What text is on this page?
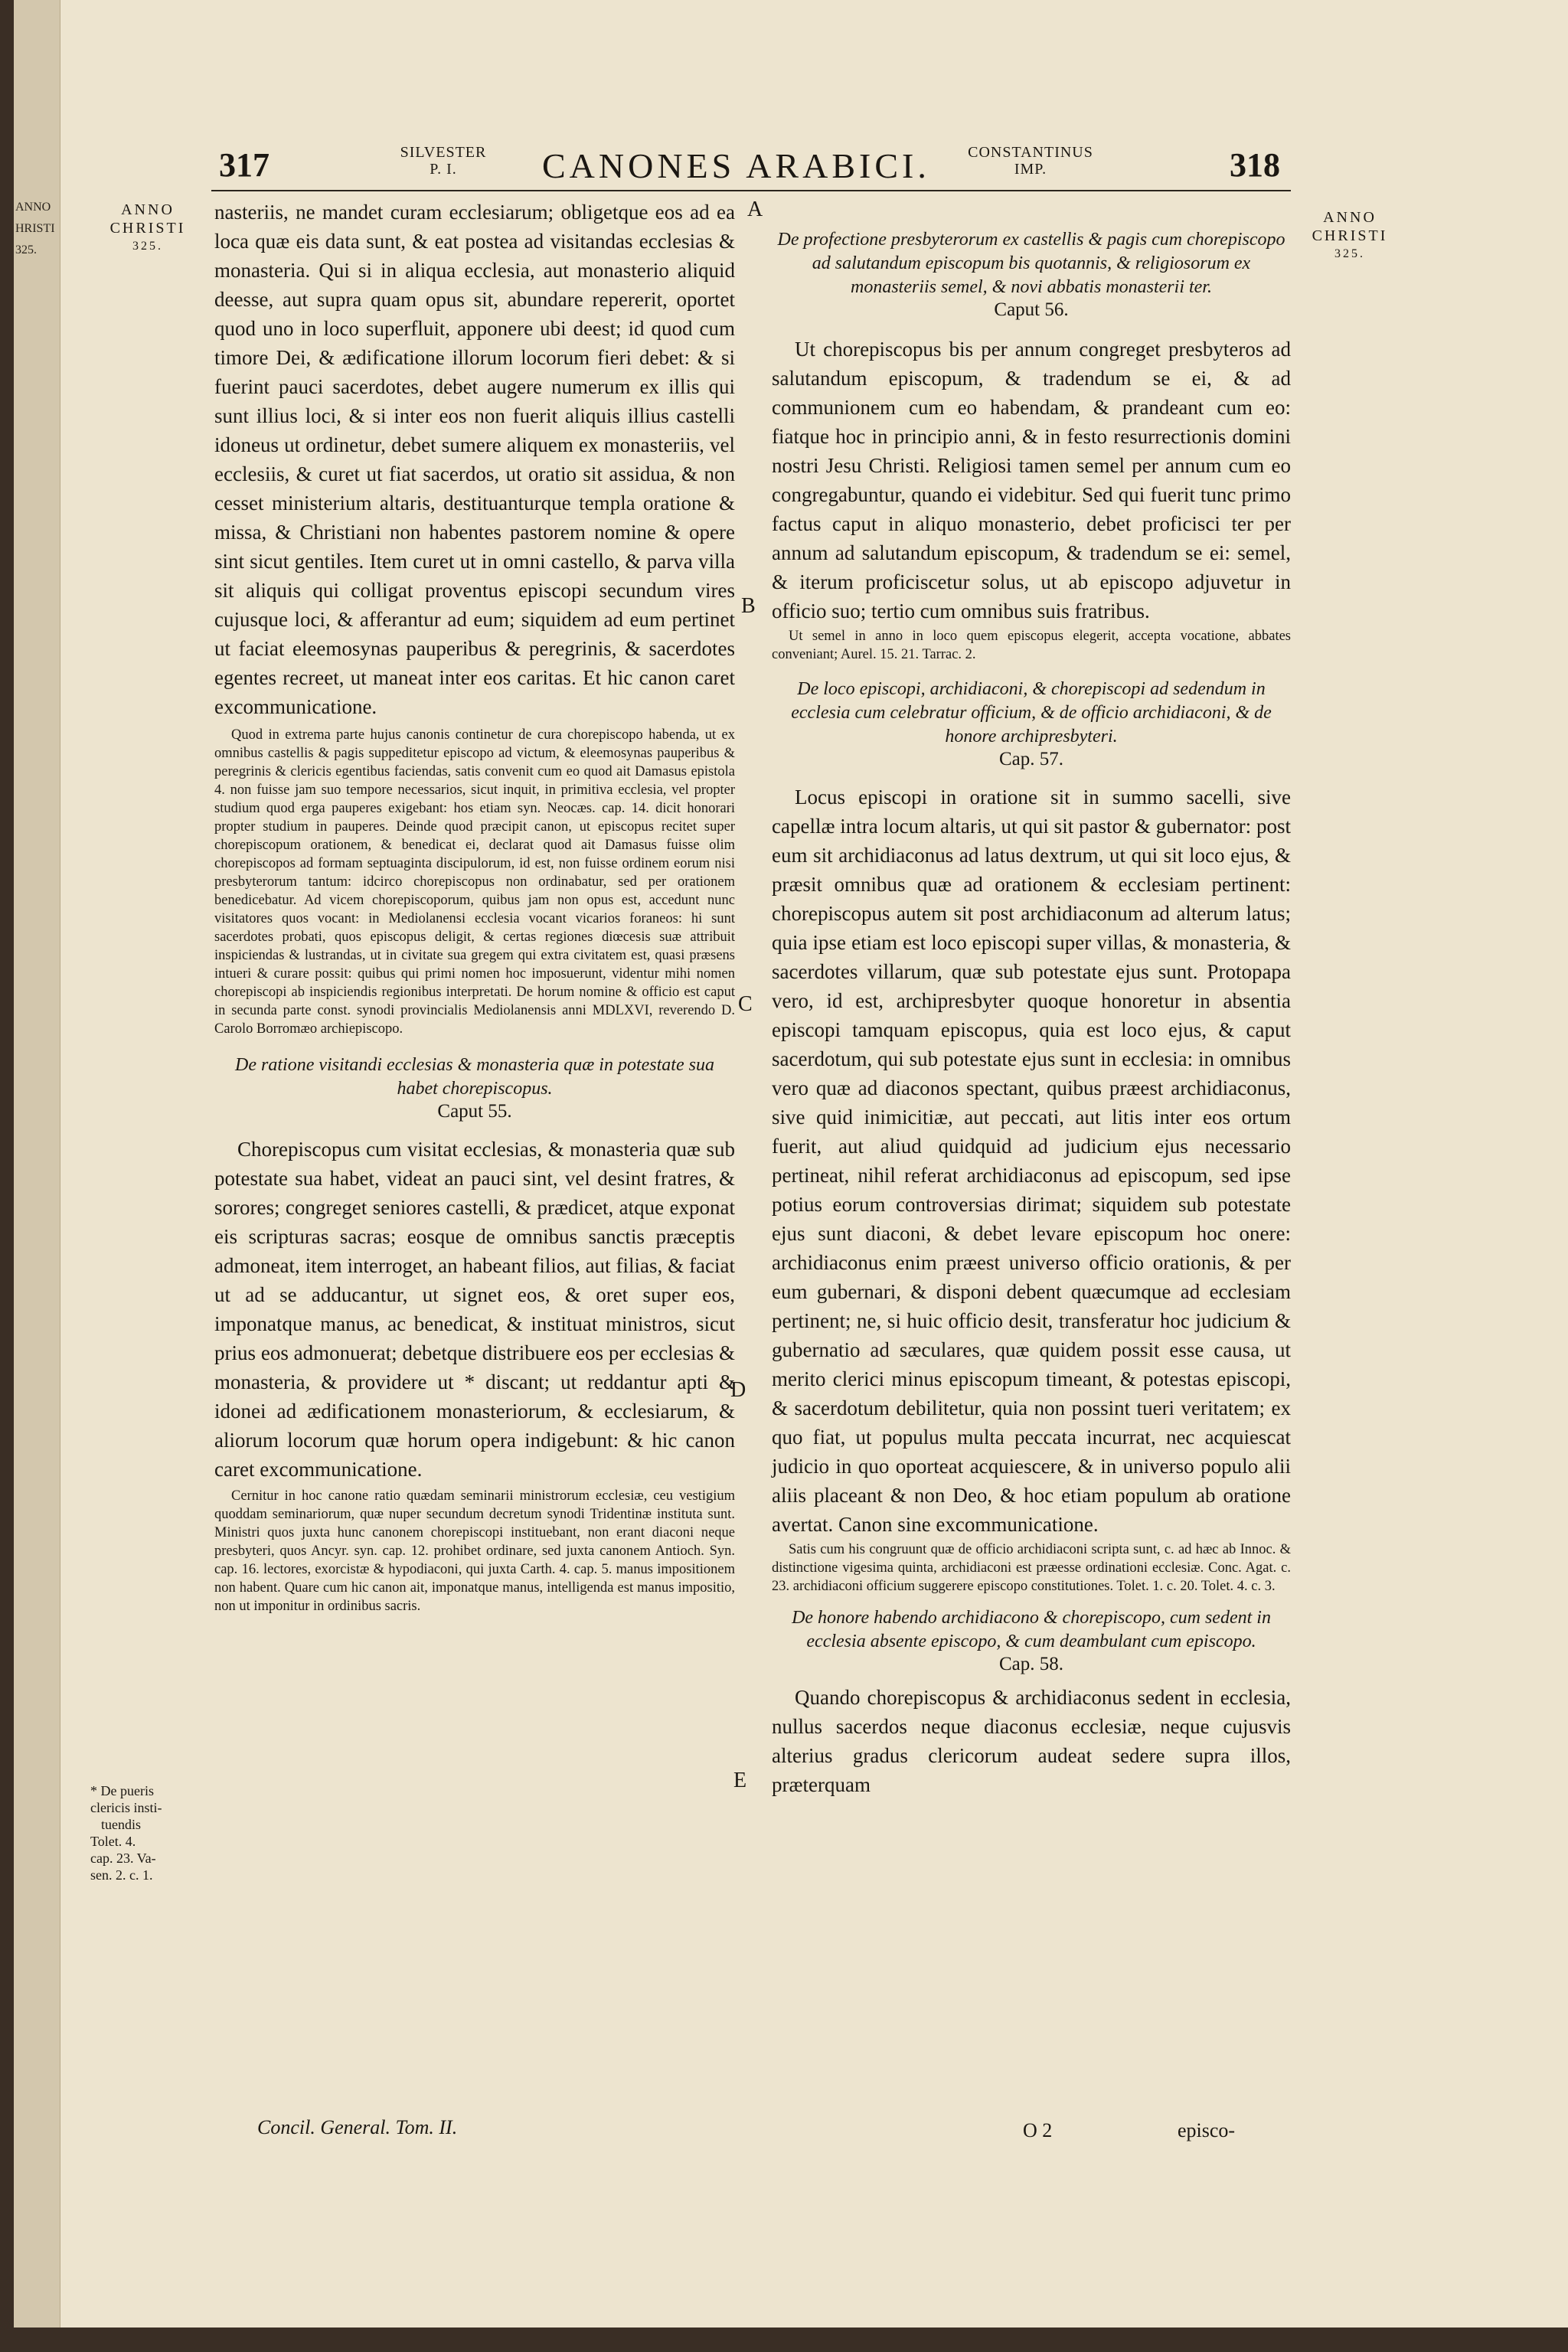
ANNO
HRISTI
325.
317	SILVESTER
P. I.	CANONES ARABICI.	CONSTANTINUS
IMP.	318
ANNO
CHRISTI
325.
ANNO
CHRISTI
325.
* De pueris
clericis insti-
tuendis
Tolet. 4.
cap. 23. Va-
sen. 2. c. 1.
A
B
C
D
E

nasteriis, ne mandet curam ecclesiarum; obligetque eos ad ea loca quæ eis data sunt, & eat postea ad visitandas ecclesias & monasteria. Qui si in aliqua ecclesia, aut monasterio aliquid deesse, aut supra quam opus sit, abundare repererit, oportet quod uno in loco superfluit, apponere ubi deest; id quod cum timore Dei, & ædificatione illorum locorum fieri debet: & si fuerint pauci sacerdotes, debet augere numerum ex illis qui sunt illius loci, & si inter eos non fuerit aliquis illius castelli idoneus ut ordinetur, debet sumere aliquem ex monasteriis, vel ecclesiis, & curet ut fiat sacerdos, ut oratio sit assidua, & non cesset ministerium altaris, destituanturque templa oratione & missa, & Christiani non habentes pastorem nomine & opere sint sicut gentiles. Item curet ut in omni castello, & parva villa sit aliquis qui colligat proventus episcopi secundum vires cujusque loci, & afferantur ad eum; siquidem ad eum pertinet ut faciat eleemosynas pauperibus & peregrinis, & sacerdotes egentes recreet, ut maneat inter eos caritas. Et hic canon caret excommunicatione.

Quod in extrema parte hujus canonis continetur de cura chorepiscopo habenda, ut ex omnibus castellis & pagis suppeditetur episcopo ad victum, & eleemosynas pauperibus & peregrinis & clericis egentibus faciendas, satis convenit cum eo quod ait Damasus epistola 4. non fuisse jam suo tempore necessarios, sicut inquit, in primitiva ecclesia, vel propter studium quod erga pauperes exigebant: hos etiam syn. Neocæs. cap. 14. dicit honorari propter studium in pauperes. Deinde quod præcipit canon, ut episcopus recitet super chorepiscopum orationem, & benedicat ei, declarat quod ait Damasus fuisse olim chorepiscopos ad formam septuaginta discipulorum, id est, non fuisse ordinem eorum nisi presbyterorum tantum: idcirco chorepiscopus non ordinabatur, sed per orationem benedicebatur. Ad vicem chorepiscoporum, quibus jam non opus est, accedunt nunc visitatores quos vocant: in Mediolanensi ecclesia vocant vicarios foraneos: hi sunt sacerdotes probati, quos episcopus deligit, & certas regiones diœcesis suæ attribuit inspiciendas & lustrandas, ut in civitate sua gregem qui extra civitatem est, quasi præsens intueri & curare possit: quibus qui primi nomen hoc imposuerunt, videntur mihi nomen chorepiscopi ab inspiciendis regionibus interpretati. De horum nomine & officio est caput in secunda parte const. synodi provincialis Mediolanensis anni MDLXVI, reverendo D. Carolo Borromæo archiepiscopo.

De ratione visitandi ecclesias & monasteria quæ in potestate sua habet chorepiscopus.

Caput 55.

Chorepiscopus cum visitat ecclesias, & monasteria quæ sub potestate sua habet, videat an pauci sint, vel desint fratres, & sorores; congreget seniores castelli, & prædicet, atque exponat eis scripturas sacras; eosque de omnibus sanctis præceptis admoneat, item interroget, an habeant filios, aut filias, & faciat ut ad se adducantur, ut signet eos, & oret super eos, imponatque manus, ac benedicat, & instituat ministros, sicut prius eos admonuerat; debetque distribuere eos per ecclesias & monasteria, & providere ut * discant; ut reddantur apti & idonei ad ædificationem monasteriorum, & ecclesiarum, & aliorum locorum quæ horum opera indigebunt: & hic canon caret excommunicatione.

Cernitur in hoc canone ratio quædam seminarii ministrorum ecclesiæ, ceu vestigium quoddam seminariorum, quæ nuper secundum decretum synodi Tridentinæ instituta sunt. Ministri quos juxta hunc canonem chorepiscopi instituebant, non erant diaconi neque presbyteri, quos Ancyr. syn. cap. 12. prohibet ordinare, sed juxta canonem Antioch. Syn. cap. 16. lectores, exorcistæ & hypodiaconi, qui juxta Carth. 4. cap. 5. manus impositionem non habent. Quare cum hic canon ait, imponatque manus, intelligenda est manus impositio, non ut imponitur in ordinibus sacris.

Concil. General. Tom. II.	O 2	episco-

De profectione presbyterorum ex castellis & pagis cum chorepiscopo ad salutandum episcopum bis quotannis, & religiosorum ex monasteriis semel, & novi abbatis monasterii ter.

Caput 56.

Ut chorepiscopus bis per annum congreget presbyteros ad salutandum episcopum, & tradendum se ei, & ad communionem cum eo habendam, & prandeant cum eo: fiatque hoc in principio anni, & in festo resurrectionis domini nostri Jesu Christi. Religiosi tamen semel per annum cum eo congregabuntur, quando ei videbitur. Sed qui fuerit tunc primo factus caput in aliquo monasterio, debet proficisci ter per annum ad salutandum episcopum, & tradendum se ei: semel, & iterum proficiscetur solus, ut ab episcopo adjuvetur in officio suo; tertio cum omnibus suis fratribus.

Ut semel in anno in loco quem episcopus elegerit, accepta vocatione, abbates conveniant; Aurel. 15. 21. Tarrac. 2.

De loco episcopi, archidiaconi, & chorepiscopi ad sedendum in ecclesia cum celebratur officium, & de officio archidiaconi, & de honore archipresbyteri.

Cap. 57.

Locus episcopi in oratione sit in summo sacelli, sive capellæ intra locum altaris, ut qui sit pastor & gubernator: post eum sit archidiaconus ad latus dextrum, ut qui sit loco ejus, & præsit omnibus quæ ad orationem & ecclesiam pertinent: chorepiscopus autem sit post archidiaconum ad alterum latus; quia ipse etiam est loco episcopi super villas, & monasteria, & sacerdotes villarum, quæ sub potestate ejus sunt. Protopapa vero, id est, archipresbyter quoque honoretur in absentia episcopi tamquam episcopus, quia est loco ejus, & caput sacerdotum, qui sub potestate ejus sunt in ecclesia: in omnibus vero quæ ad diaconos spectant, quibus præest archidiaconus, sive quid inimicitiæ, aut peccati, aut litis inter eos ortum fuerit, aut aliud quidquid ad judicium ejus necessario pertineat, nihil referat archidiaconus ad episcopum, sed ipse potius eorum controversias dirimat; siquidem sub potestate ejus sunt diaconi, & debet levare episcopum hoc onere: archidiaconus enim præest universo officio orationis, & per eum gubernari, & disponi debent quæcumque ad ecclesiam pertinent; ne, si huic officio desit, transferatur hoc judicium & gubernatio ad sæculares, quæ quidem possit esse causa, ut merito clerici minus episcopum timeant, & potestas episcopi, & sacerdotum debilitetur, quia non possint tueri veritatem; ex quo fiat, ut populus multa peccata incurrat, nec acquiescat judicio in quo oporteat acquiescere, & in universo populo alii aliis placeant & non Deo, & hoc etiam populum ab oratione avertat. Canon sine excommunicatione.

Satis cum his congruunt quæ de officio archidiaconi scripta sunt, c. ad hæc ab Innoc. & distinctione vigesima quinta, archidiaconi est præesse ordinationi ecclesiæ. Conc. Agat. c. 23. archidiaconi officium suggerere episcopo constitutiones. Tolet. 1. c. 20. Tolet. 4. c. 3.

De honore habendo archidiacono & chorepiscopo, cum sedent in ecclesia absente episcopo, & cum deambulant cum episcopo.

Cap. 58.

Quando chorepiscopus & archidiaconus sedent in ecclesia, nullus sacerdos neque diaconus ecclesiæ, neque cujusvis alterius gradus clericorum audeat sedere supra illos, præterquam
